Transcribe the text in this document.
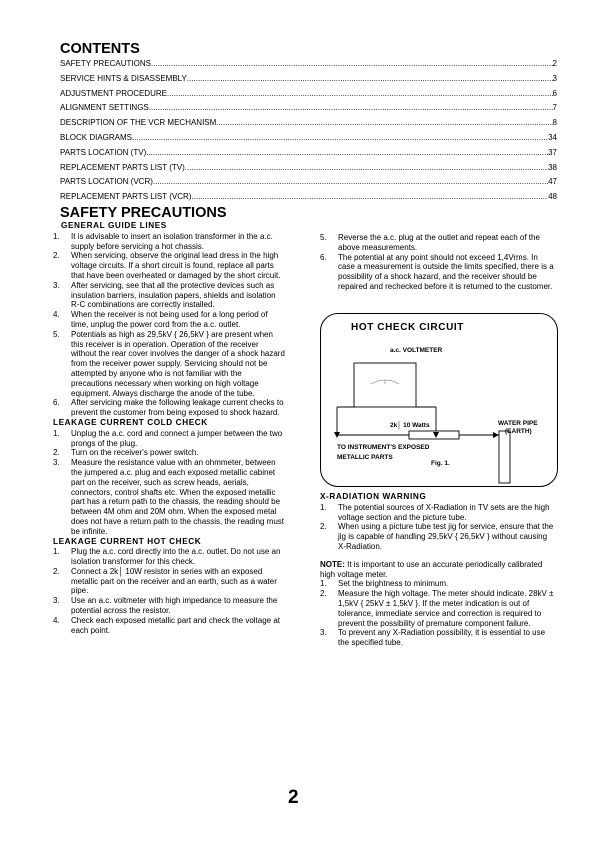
CONTENTS
SAFETY PRECAUTIONS .....	2
SERVICE HINTS & DISASSEMBLY .....	3
ADJUSTMENT PROCEDURE .....	6
ALIGNMENT SETTINGS .....	7
DESCRIPTION OF THE VCR MECHANISM .....	8
BLOCK DIAGRAMS .....	34
PARTS LOCATION (TV) .....	37
REPLACEMENT PARTS LIST (TV) .....	38
PARTS LOCATION (VCR) .....	47
REPLACEMENT PARTS LIST (VCR) .....	48
SAFETY PRECAUTIONS
GENERAL GUIDE LINES
1. It is advisable to insert an isolation transformer in the a.c. supply before servicing a hot chassis.
2. When servicing, observe the original lead dress in the high voltage circuits. If a short circuit is found, replace all parts that have been overheated or damaged by the short circuit.
3. After servicing, see that all the protective devices such as insulation barriers, insulation papers, shields and isolation R-C combinations are correctly installed.
4. When the receiver is not being used for a long period of time, unplug the power cord from the a.c. outlet.
5. Potentials as high as 29,5kV { 26,5kV } are present when this receiver is in operation. Operation of the receiver without the rear cover involves the danger of a shock hazard from the receiver power supply. Servicing should not be attempted by anyone who is not familiar with the precautions necessary when working on high voltage equipment. Always discharge the anode of the tube.
6. After servicing make the following leakage current checks to prevent the customer from being exposed to shock hazard.
LEAKAGE CURRENT COLD CHECK
1. Unplug the a.c. cord and connect a jumper between the two prongs of the plug.
2. Turn on the receiver's power switch.
3. Measure the resistance value with an ohmmeter, between the jumpered a.c. plug and each exposed metallic cabinet part on the receiver, such as screw heads, aerials, connectors, control shafts etc. When the exposed metallic part has a return path to the chassis, the reading should be between 4M ohm and 20M ohm. When the exposed metal does not have a return path to the chassis, the reading must be infinite.
LEAKAGE CURRENT HOT CHECK
1. Plug the a.c. cord directly into the a.c. outlet. Do not use an isolation transformer for this check.
2. Connect a 2k│ 10W resistor in series with an exposed metallic part on the receiver and an earth, such as a water pipe.
3. Use an a.c. voltmeter with high impedance to measure the potential across the resistor.
4. Check each exposed metallic part and check the voltage at each point.
5. Reverse the a.c. plug at the outlet and repeat each of the above measurements.
6. The potential at any point should not exceed 1,4Vrms. In case a measurement is outside the limits specified, there is a possibility of a shock hazard, and the receiver should be repaired and rechecked before it is returned to the customer.
HOT CHECK CIRCUIT
a.c. VOLTMETER
2k│ 10 Watts	WATER PIPE
(EARTH)
TO INSTRUMENT'S EXPOSED
METALLIC PARTS
Fig. 1.
X-RADIATION WARNING
1. The potential sources of X-Radiation in TV sets are the high voltage section and the picture tube.
2. When using a picture tube test jig for service, ensure that the jig is capable of handling 29,5kV { 26,5kV } without causing X-Radiation.

NOTE: It is important to use an accurate periodically calibrated high voltage meter.

1. Set the brightness to minimum.
2. Measure the high voltage. The meter should indicate. 28kV ± 1,5kV { 25kV ± 1,5kV }. If the meter indication is out of tolerance, immediate service and correction is required to prevent the possibility of premature component failure.
3. To prevent any X-Radiation possibility, it is essential to use the specified tube.
2
